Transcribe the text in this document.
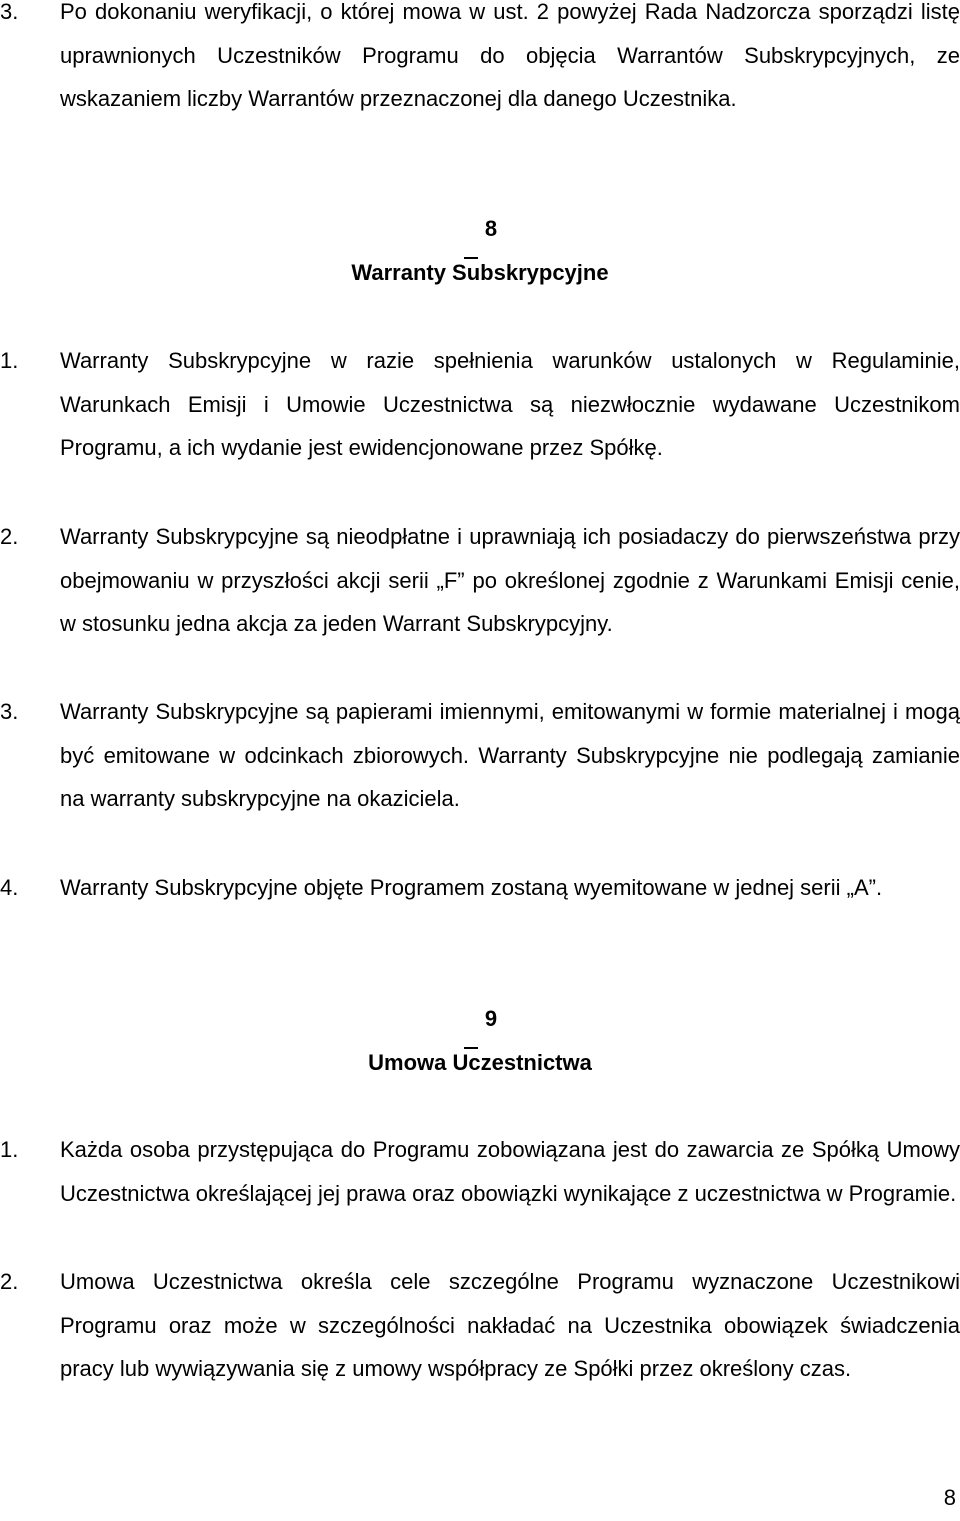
3.	Po dokonaniu weryfikacji, o której mowa w ust. 2 powyżej Rada Nadzorcza sporządzi listę uprawnionych Uczestników Programu do objęcia Warrantów Subskrypcyjnych, ze wskazaniem liczby Warrantów przeznaczonej dla danego Uczestnika.
8
Warranty Subskrypcyjne
1.	Warranty Subskrypcyjne w razie spełnienia warunków ustalonych w Regulaminie, Warunkach Emisji i Umowie Uczestnictwa są niezwłocznie wydawane Uczestnikom Programu, a ich wydanie jest ewidencjonowane przez Spółkę.
2.	Warranty Subskrypcyjne są nieodpłatne i uprawniają ich posiadaczy do pierwszeństwa przy obejmowaniu w przyszłości akcji serii „F” po określonej zgodnie z Warunkami Emisji cenie, w stosunku jedna akcja za jeden Warrant Subskrypcyjny.
3.	Warranty Subskrypcyjne są papierami imiennymi, emitowanymi w formie materialnej i mogą być emitowane w odcinkach zbiorowych. Warranty Subskrypcyjne nie podlegają zamianie na warranty subskrypcyjne na okaziciela.
4.	Warranty Subskrypcyjne objęte Programem zostaną wyemitowane w jednej serii „A”.
9
Umowa Uczestnictwa
1.	Każda osoba przystępująca do Programu zobowiązana jest do zawarcia ze Spółką Umowy Uczestnictwa określającej jej prawa oraz obowiązki wynikające z uczestnictwa w Programie.
2.	Umowa Uczestnictwa określa cele szczególne Programu wyznaczone Uczestnikowi Programu oraz może w szczególności nakładać na Uczestnika obowiązek świadczenia pracy lub wywiązywania się z umowy współpracy ze Spółki przez określony czas.
8
